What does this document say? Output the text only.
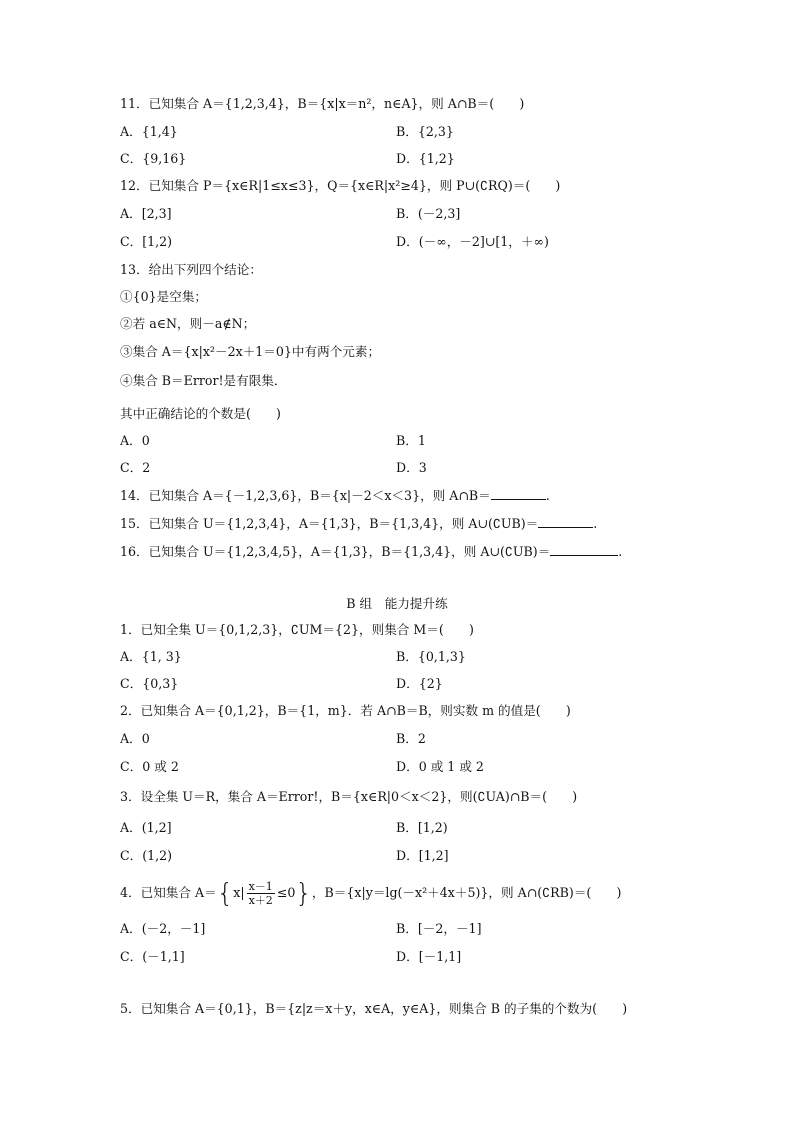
11．已知集合 A＝{1,2,3,4}，B＝{x|x＝n²，n∈A}，则 A∩B＝(　　)
A．{1,4}	B．{2,3}
C．{9,16}	D．{1,2}
12．已知集合 P＝{x∈R|1≤x≤3}，Q＝{x∈R|x²≥4}，则 P∪(∁RQ)＝(　　)
A．[2,3]	B．(－2,3]
C．[1,2)	D．(－∞，－2]∪[1，＋∞)
13．给出下列四个结论：
①{0}是空集；
②若 a∈N，则－a∉N；
③集合 A＝{x|x²－2x＋1＝0}中有两个元素；
④集合 B＝Error!是有限集．
其中正确结论的个数是(　　)
A．0	B．1
C．2	D．3
14．已知集合 A＝{－1,2,3,6}，B＝{x|－2＜x＜3}，则 A∩B＝	.
15．已知集合 U＝{1,2,3,4}，A＝{1,3}，B＝{1,3,4}，则 A∪(∁UB)＝	.
16．已知集合 U＝{1,2,3,4,5}，A＝{1,3}，B＝{1,3,4}，则 A∪(∁UB)＝	.
B 组　能力提升练
1．已知全集 U＝{0,1,2,3}，∁UM＝{2}，则集合 M＝(　　)
A．{1, 3}	B．{0,1,3}
C．{0,3}	D．{2}
2．已知集合 A＝{0,1,2}，B＝{1，m}．若 A∩B＝B，则实数 m 的值是(　　)
A．0	B．2
C．0 或 2	D．0 或 1 或 2
3．设全集 U＝R，集合 A＝Error!，B＝{x∈R|0＜x＜2}，则(∁UA)∩B＝(　　)
A．(1,2]	B．[1,2)
C．(1,2)	D．[1,2]
4．已知集合 $A=\{x| \frac{x-1}{x+2} \le 0\}$，B＝{x|y＝lg(－x²＋4x＋5)}，则 A∩(∁RB)＝(　　)
A．(－2，－1]	B．[－2，－1]
C．(－1,1]	D．[－1,1]
5．已知集合 A＝{0,1}，B＝{z|z＝x＋y，x∈A，y∈A}，则集合 B 的子集的个数为(　　)
